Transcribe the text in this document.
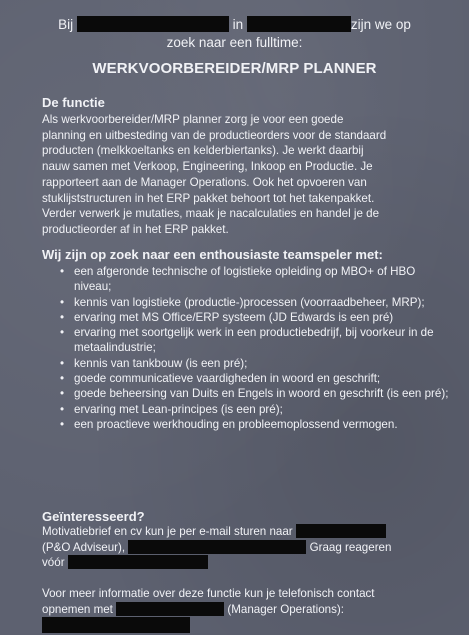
Bij	in	zijn we op
zoek naar een fulltime:
WERKVOORBEREIDER/MRP PLANNER
De functie
Als werkvoorbereider/MRP planner zorg je voor een goede
planning en uitbesteding van de productieorders voor de standaard
producten (melkkoeltanks en kelderbiertanks). Je werkt daarbij
nauw samen met Verkoop, Engineering, Inkoop en Productie. Je
rapporteert aan de Manager Operations. Ook het opvoeren van
stuklijststructuren in het ERP pakket behoort tot het takenpakket.
Verder verwerk je mutaties, maak je nacalculaties en handel je de
productieorder af in het ERP pakket.
Wij zijn op zoek naar een enthousiaste teamspeler met:
• een afgeronde technische of logistieke opleiding op MBO+ of HBO niveau;
• kennis van logistieke (productie-)processen (voorraadbeheer, MRP);
• ervaring met MS Office/ERP systeem (JD Edwards is een pré)
• ervaring met soortgelijk werk in een productiebedrijf, bij voorkeur in de metaalindustrie;
• kennis van tankbouw (is een pré);
• goede communicatieve vaardigheden in woord en geschrift;
• goede beheersing van Duits en Engels in woord en geschrift (is een pré);
• ervaring met Lean-principes (is een pré);
• een proactieve werkhouding en probleemoplossend vermogen.
Geïnteresseerd?
Motivatiebrief en cv kun je per e-mail sturen naar
(P&O Adviseur),	Graag reageren
vóór
Voor meer informatie over deze functie kun je telefonisch contact
opnemen met	(Manager Operations):
